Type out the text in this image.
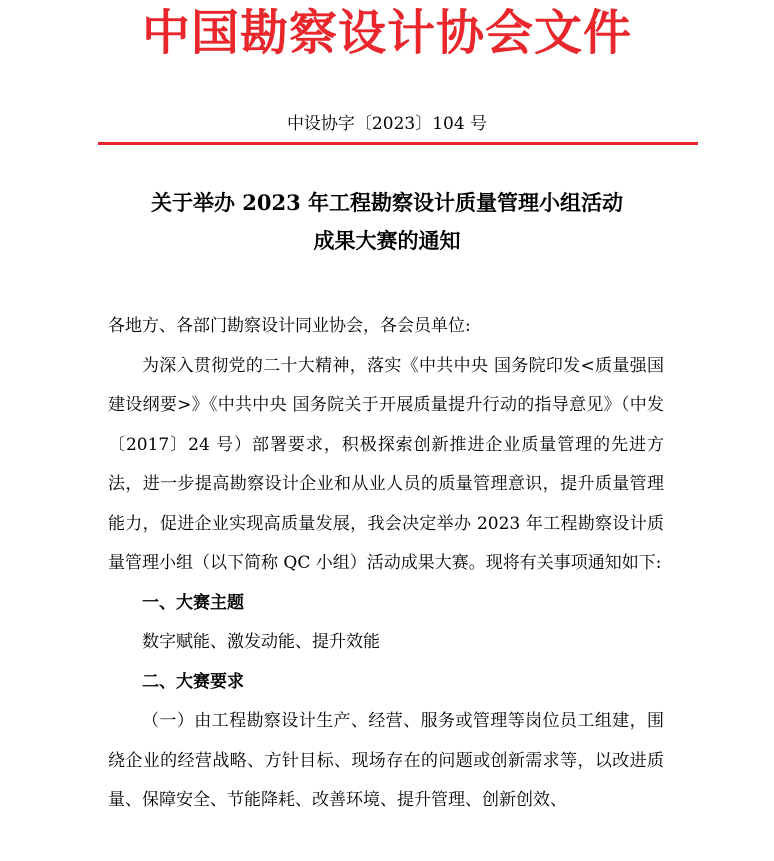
中国勘察设计协会文件
中设协字〔2023〕104 号
关于举办 2023 年工程勘察设计质量管理小组活动
成果大赛的通知

各地方、各部门勘察设计同业协会，各会员单位:

为深入贯彻党的二十大精神，落实《中共中央 国务院印发<质量强国建设纲要>》《中共中央 国务院关于开展质量提升行动的指导意见》（中发〔2017〕24 号）部署要求，积极探索创新推进企业质量管理的先进方法，进一步提高勘察设计企业和从业人员的质量管理意识，提升质量管理能力，促进企业实现高质量发展，我会决定举办 2023 年工程勘察设计质量管理小组（以下简称 QC 小组）活动成果大赛。现将有关事项通知如下:

一、大赛主题

数字赋能、激发动能、提升效能

二、大赛要求

（一）由工程勘察设计生产、经营、服务或管理等岗位员工组建，围绕企业的经营战略、方针目标、现场存在的问题或创新需求等，以改进质量、保障安全、节能降耗、改善环境、提升管理、创新创效、
